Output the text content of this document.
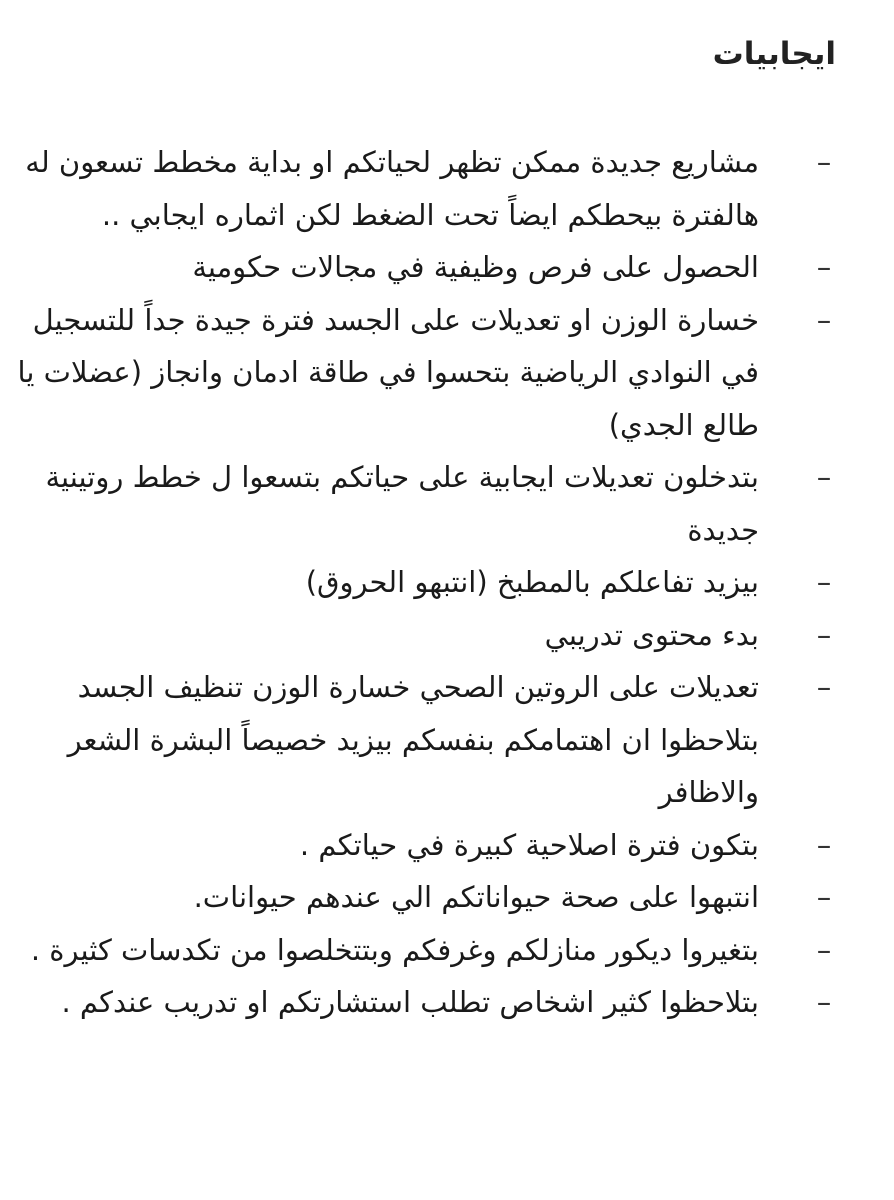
ايجابيات
–
مشاريع جديدة ممكن تظهر لحياتكم او بداية مخطط تسعون له هالفترة بيحطكم ايضاً تحت الضغط لكن اثماره ايجابي ..
–
الحصول على فرص وظيفية في مجالات حكومية
–
خسارة الوزن او تعديلات على الجسد فترة جيدة جداً للتسجيل في النوادي الرياضية بتحسوا في طاقة ادمان وانجاز (عضلات يا طالع الجدي)
–
بتدخلون تعديلات ايجابية على حياتكم بتسعوا ل خطط روتينية جديدة
–
بيزيد تفاعلكم بالمطبخ (انتبهو الحروق)
–
بدء محتوى تدريبي
–
تعديلات على الروتين الصحي خسارة الوزن تنظيف الجسد بتلاحظوا ان اهتمامكم بنفسكم بيزيد خصيصاً البشرة الشعر والاظافر
–
بتكون فترة اصلاحية كبيرة في حياتكم .
–
انتبهوا على صحة حيواناتكم الي عندهم حيوانات.
–
بتغيروا ديكور منازلكم وغرفكم وبتتخلصوا من تكدسات كثيرة .
–
بتلاحظوا كثير اشخاص تطلب استشارتكم او تدريب عندكم .
